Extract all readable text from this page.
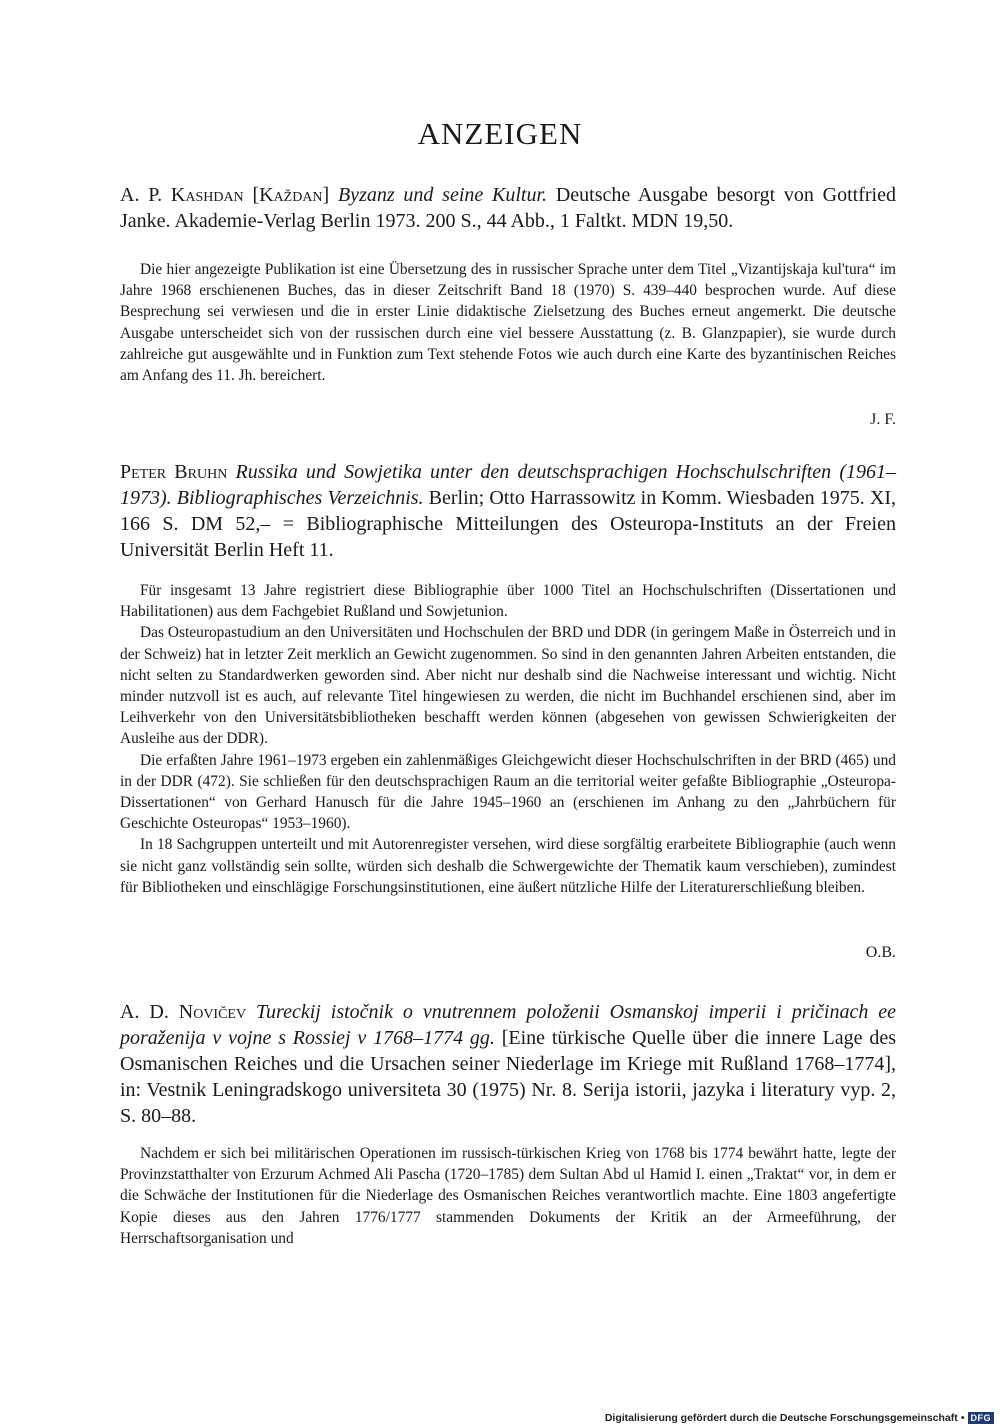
ANZEIGEN
A. P. Kashdan [Každan] Byzanz und seine Kultur. Deutsche Ausgabe besorgt von Gottfried Janke. Akademie-Verlag Berlin 1973. 200 S., 44 Abb., 1 Faltkt. MDN 19,50.

Die hier angezeigte Publikation ist eine Übersetzung des in russischer Sprache unter dem Titel „Vizantijskaja kul'tura“ im Jahre 1968 erschienenen Buches, das in dieser Zeitschrift Band 18 (1970) S. 439–440 besprochen wurde. Auf diese Besprechung sei verwiesen und die in erster Linie didaktische Zielsetzung des Buches erneut angemerkt. Die deutsche Ausgabe unterscheidet sich von der russischen durch eine viel bessere Ausstattung (z. B. Glanzpapier), sie wurde durch zahlreiche gut ausgewählte und in Funktion zum Text stehende Fotos wie auch durch eine Karte des byzantinischen Reiches am Anfang des 11. Jh. bereichert.

J. F.
Peter Bruhn Russika und Sowjetika unter den deutschsprachigen Hochschulschriften (1961–1973). Bibliographisches Verzeichnis. Berlin; Otto Harrassowitz in Komm. Wiesbaden 1975. XI, 166 S. DM 52,– = Bibliographische Mitteilungen des Osteuropa-Instituts an der Freien Universität Berlin Heft 11.

Für insgesamt 13 Jahre registriert diese Bibliographie über 1000 Titel an Hochschulschriften (Dissertationen und Habilitationen) aus dem Fachgebiet Rußland und Sowjetunion.

Das Osteuropastudium an den Universitäten und Hochschulen der BRD und DDR (in geringem Maße in Österreich und in der Schweiz) hat in letzter Zeit merklich an Gewicht zugenommen. So sind in den genannten Jahren Arbeiten entstanden, die nicht selten zu Standardwerken geworden sind. Aber nicht nur deshalb sind die Nachweise interessant und wichtig. Nicht minder nutzvoll ist es auch, auf relevante Titel hingewiesen zu werden, die nicht im Buchhandel erschienen sind, aber im Leihverkehr von den Universitätsbibliotheken beschafft werden können (abgesehen von gewissen Schwierigkeiten der Ausleihe aus der DDR).

Die erfaßten Jahre 1961–1973 ergeben ein zahlenmäßiges Gleichgewicht dieser Hochschulschriften in der BRD (465) und in der DDR (472). Sie schließen für den deutschsprachigen Raum an die territorial weiter gefaßte Bibliographie „Osteuropa-Dissertationen“ von Gerhard Hanusch für die Jahre 1945–1960 an (erschienen im Anhang zu den „Jahrbüchern für Geschichte Osteuropas“ 1953–1960).

In 18 Sachgruppen unterteilt und mit Autorenregister versehen, wird diese sorgfältig erarbeitete Bibliographie (auch wenn sie nicht ganz vollständig sein sollte, würden sich deshalb die Schwergewichte der Thematik kaum verschieben), zumindest für Bibliotheken und einschlägige Forschungsinstitutionen, eine äußert nützliche Hilfe der Literaturerschließung bleiben.

O.B.
A. D. Novičev Tureckij istočnik o vnutrennem položenii Osmanskoj imperii i pričinach ee poraženija v vojne s Rossiej v 1768–1774 gg. [Eine türkische Quelle über die innere Lage des Osmanischen Reiches und die Ursachen seiner Niederlage im Kriege mit Rußland 1768–1774], in: Vestnik Leningradskogo universiteta 30 (1975) Nr. 8. Serija istorii, jazyka i literatury vyp. 2, S. 80–88.

Nachdem er sich bei militärischen Operationen im russisch-türkischen Krieg von 1768 bis 1774 bewährt hatte, legte der Provinzstatthalter von Erzurum Achmed Ali Pascha (1720–1785) dem Sultan Abd ul Hamid I. einen „Traktat“ vor, in dem er die Schwäche der Institutionen für die Niederlage des Osmanischen Reiches verantwortlich machte. Eine 1803 angefertigte Kopie dieses aus den Jahren 1776/1777 stammenden Dokuments der Kritik an der Armeeführung, der Herrschaftsorganisation und

Digitalisierung gefördert durch die Deutsche Forschungsgemeinschaft • DFG
